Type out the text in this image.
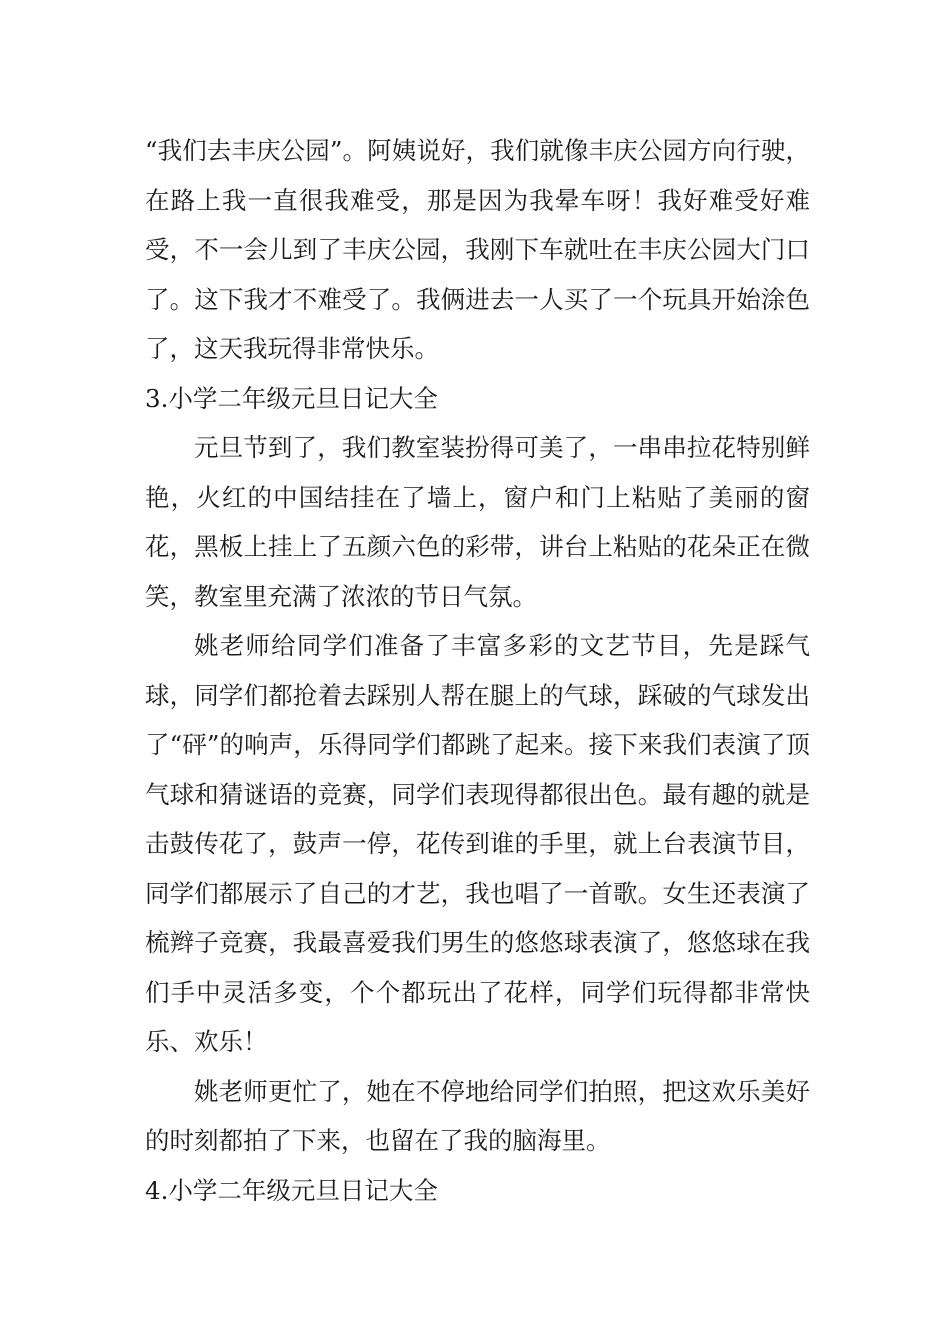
“我们去丰庆公园”。阿姨说好，我们就像丰庆公园方向行驶，在路上我一直很我难受，那是因为我晕车呀！我好难受好难受，不一会儿到了丰庆公园，我刚下车就吐在丰庆公园大门口了。这下我才不难受了。我俩进去一人买了一个玩具开始涂色了，这天我玩得非常快乐。

3.小学二年级元旦日记大全

元旦节到了，我们教室装扮得可美了，一串串拉花特别鲜艳，火红的中国结挂在了墙上，窗户和门上粘贴了美丽的窗花，黑板上挂上了五颜六色的彩带，讲台上粘贴的花朵正在微笑，教室里充满了浓浓的节日气氛。

姚老师给同学们准备了丰富多彩的文艺节目，先是踩气球，同学们都抢着去踩别人帮在腿上的气球，踩破的气球发出了“砰”的响声，乐得同学们都跳了起来。接下来我们表演了顶气球和猜谜语的竞赛，同学们表现得都很出色。最有趣的就是击鼓传花了，鼓声一停，花传到谁的手里，就上台表演节目，同学们都展示了自己的才艺，我也唱了一首歌。女生还表演了梳辫子竞赛，我最喜爱我们男生的悠悠球表演了，悠悠球在我们手中灵活多变，个个都玩出了花样，同学们玩得都非常快乐、欢乐！

姚老师更忙了，她在不停地给同学们拍照，把这欢乐美好的时刻都拍了下来，也留在了我的脑海里。

4.小学二年级元旦日记大全
